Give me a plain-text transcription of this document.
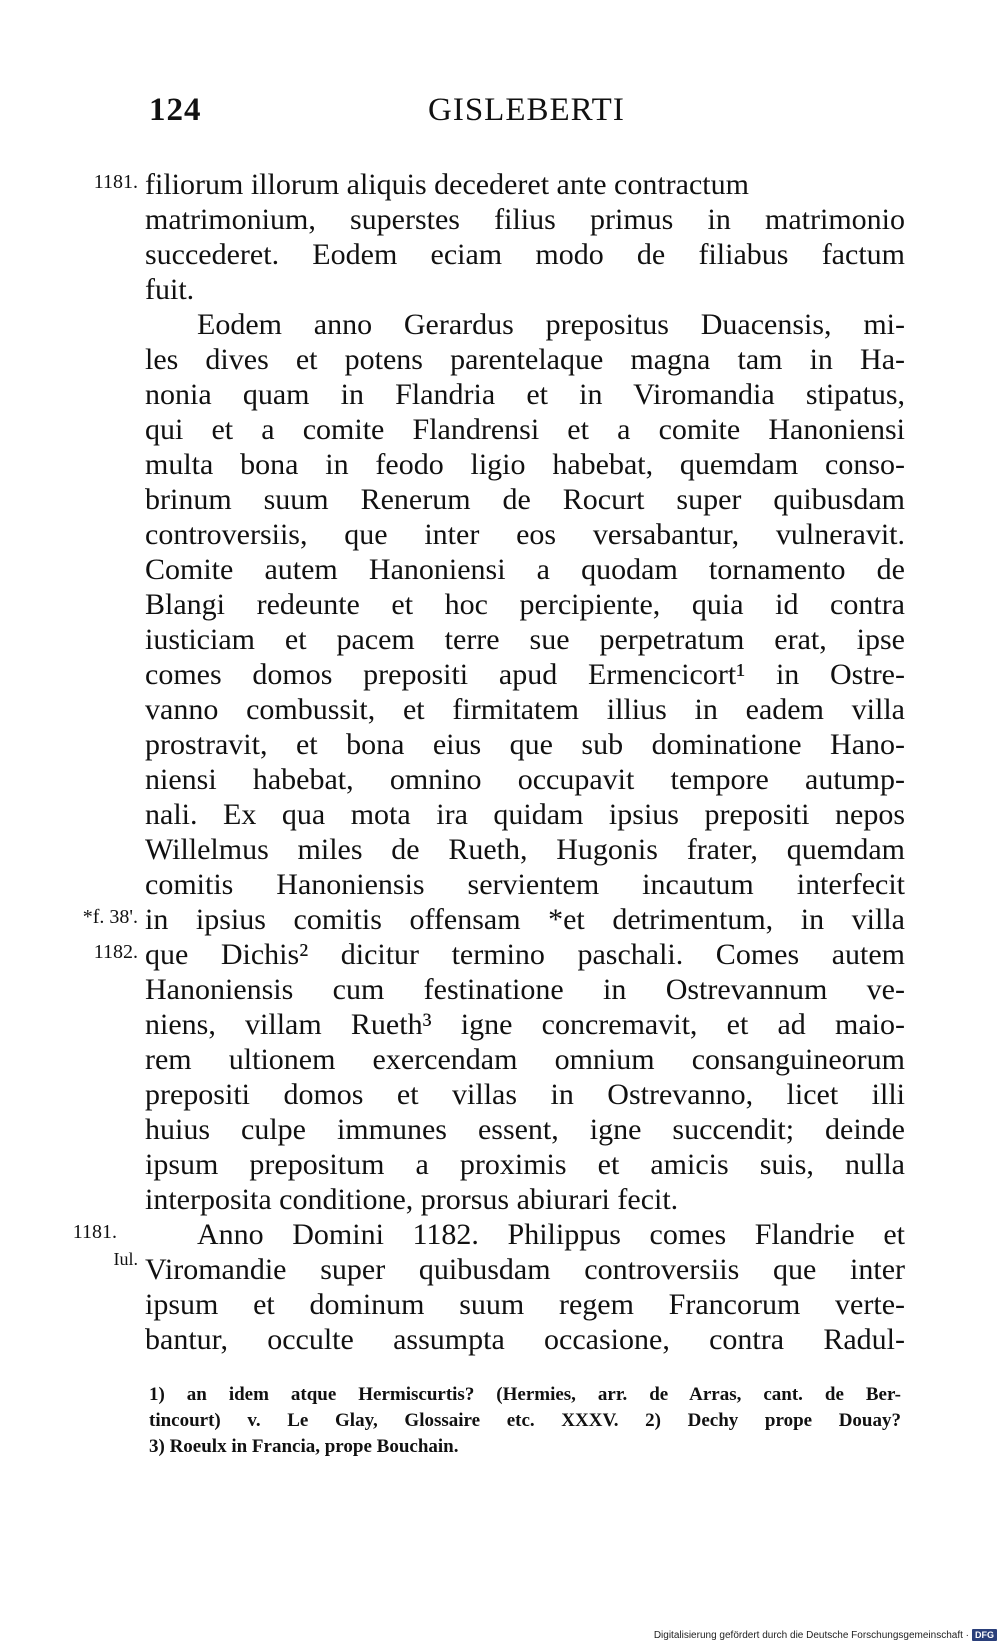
124	GISLEBERTI
1181. filiorum illorum aliquis decederet ante contractum
matrimonium, superstes filius primus in matrimonio
succederet. Eodem eciam modo de filiabus factum
fuit.
Eodem anno Gerardus prepositus Duacensis, mi-
les dives et potens parentelaque magna tam in Ha-
nonia quam in Flandria et in Viromandia stipatus,
qui et a comite Flandrensi et a comite Hanoniensi
multa bona in feodo ligio habebat, quemdam conso-
brinum suum Renerum de Rocurt super quibusdam
controversiis, que inter eos versabantur, vulneravit.
Comite autem Hanoniensi a quodam tornamento de
Blangi redeunte et hoc percipiente, quia id contra
iusticiam et pacem terre sue perpetratum erat, ipse
comes domos prepositi apud Ermencicort¹ in Ostre-
vanno combussit, et firmitatem illius in eadem villa
prostravit, et bona eius que sub dominatione Hano-
niensi habebat, omnino occupavit tempore autump-
nali. Ex qua mota ira quidam ipsius prepositi nepos
Willelmus miles de Rueth, Hugonis frater, quemdam
comitis Hanoniensis servientem incautum interfecit
*f. 38'. in ipsius comitis offensam *et detrimentum, in villa
1182. que Dichis² dicitur termino paschali. Comes autem
Hanoniensis cum festinatione in Ostrevannum ve-
niens, villam Rueth³ igne concremavit, et ad maio-
rem ultionem exercendam omnium consanguineorum
prepositi domos et villas in Ostrevanno, licet illi
huius culpe immunes essent, igne succendit; deinde
ipsum prepositum a proximis et amicis suis, nulla
interposita conditione, prorsus abiurari fecit.
1181.	Anno Domini 1182. Philippus comes Flandrie et
Iul. Viromandie super quibusdam controversiis que inter
ipsum et dominum suum regem Francorum verte-
bantur, occulte assumpta occasione, contra Radul-
1) an idem atque Hermiscurtis? (Hermies, arr. de Arras, cant. de Ber-
tincourt) v. Le Glay, Glossaire etc. XXXV. 2) Dechy prope Douay?
3) Roeulx in Francia, prope Bouchain.
Digitalisierung gefördert durch die Deutsche Forschungsgemeinschaft · DFG
